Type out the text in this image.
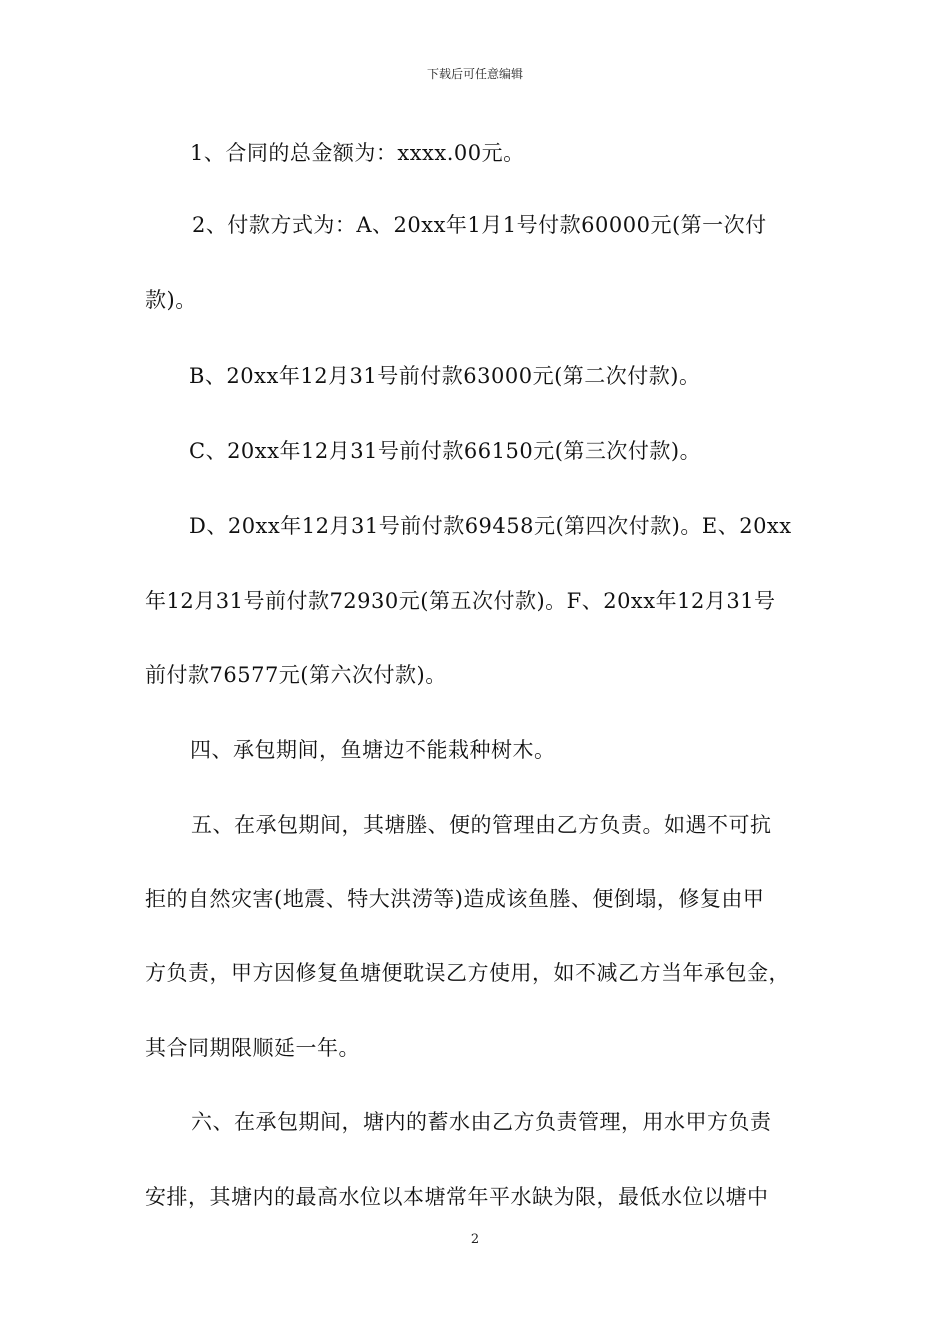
下载后可任意编辑
1、合同的总金额为：xxxx.00元。
2、付款方式为：A、20xx年1月1号付款60000元(第一次付
款)。
B、20xx年12月31号前付款63000元(第二次付款)。
C、20xx年12月31号前付款66150元(第三次付款)。
D、20xx年12月31号前付款69458元(第四次付款)。E、20xx
年12月31号前付款72930元(第五次付款)。F、20xx年12月31号
前付款76577元(第六次付款)。
四、承包期间，鱼塘边不能栽种树木。
五、在承包期间，其塘塍、便的管理由乙方负责。如遇不可抗
拒的自然灾害(地震、特大洪涝等)造成该鱼塍、便倒塌，修复由甲
方负责，甲方因修复鱼塘便耽误乙方使用，如不减乙方当年承包金，
其合同期限顺延一年。
六、在承包期间，塘内的蓄水由乙方负责管理，用水甲方负责
安排，其塘内的最高水位以本塘常年平水缺为限，最低水位以塘中
2
